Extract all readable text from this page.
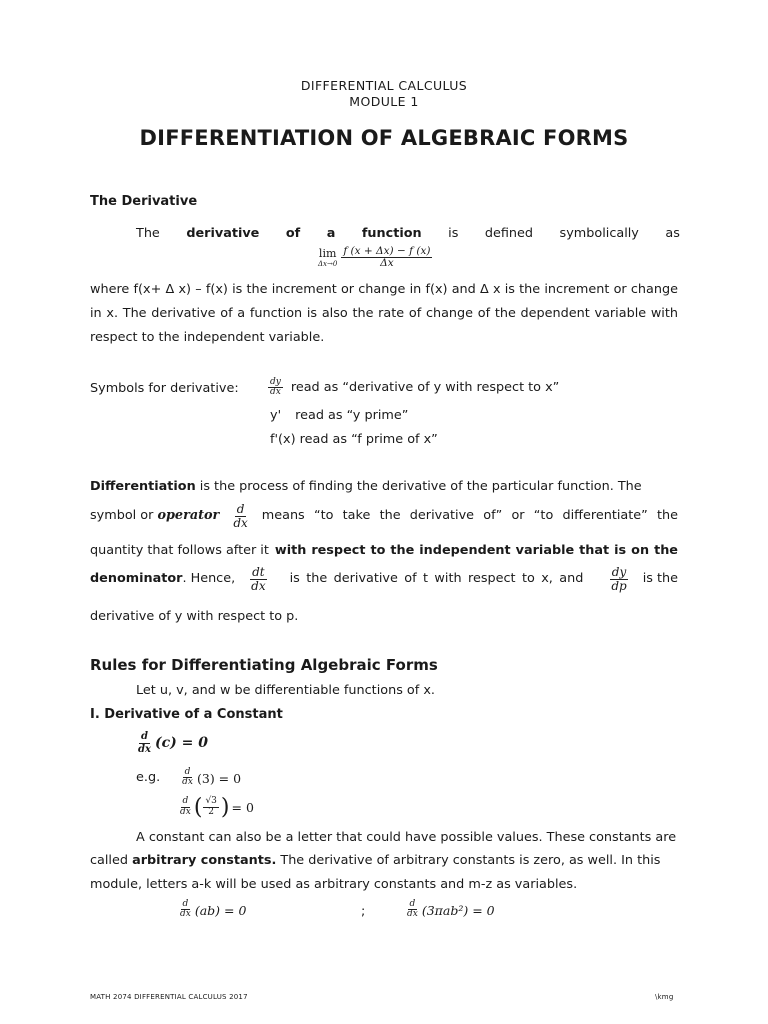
DIFFERENTIAL CALCULUS
MODULE 1
DIFFERENTIATION OF ALGEBRAIC FORMS
The Derivative
The derivative of a function is defined symbolically as
lim
$\Delta x\to 0 \frac{f (x + \Delta x) - f (x)}{\Delta x}$
where f(x+ Δ x) – f(x) is the increment or change in f(x) and Δ x is the increment or change in x. The derivative of a function is also the rate of change of the dependent variable with respect to the independent variable.
Symbols for derivative:	$\frac{dy}{dx}$ read as “derivative of y with respect to x”
y' read as “y prime”
f'(x) read as “f prime of x”
Differentiation is the process of finding the derivative of the particular function. The
symbol or operator $\frac{d}{dx}$ means “to take the derivative of” or “to differentiate” the
quantity that follows after it with respect to the independent variable that is on the
denominator . Hence, $\frac{dt}{dx}$ is the derivative of t with respect to x, and $\frac{dy}{dp}$ is the
derivative of y with respect to p.
Rules for Differentiating Algebraic Forms
Let u, v, and w be differentiable functions of x.
I. Derivative of a Constant
$\frac{d}{dx} (c) = 0$
e.g. $\frac{d}{dx} (3) = 0$
$\frac{d}{dx}$ ( $\frac{√3}{2}$ ) = 0
A constant can also be a letter that could have possible values. These constants are
called arbitrary constants. The derivative of arbitrary constants is zero, as well. In this
module, letters a-k will be used as arbitrary constants and m-z as variables.
$\frac{d}{dx} (ab) = 0$	;	$\frac{d}{dx} (3\pi ab^2) = 0$
MATH 2074 DIFFERENTIAL CALCULUS 2017	\kmg
